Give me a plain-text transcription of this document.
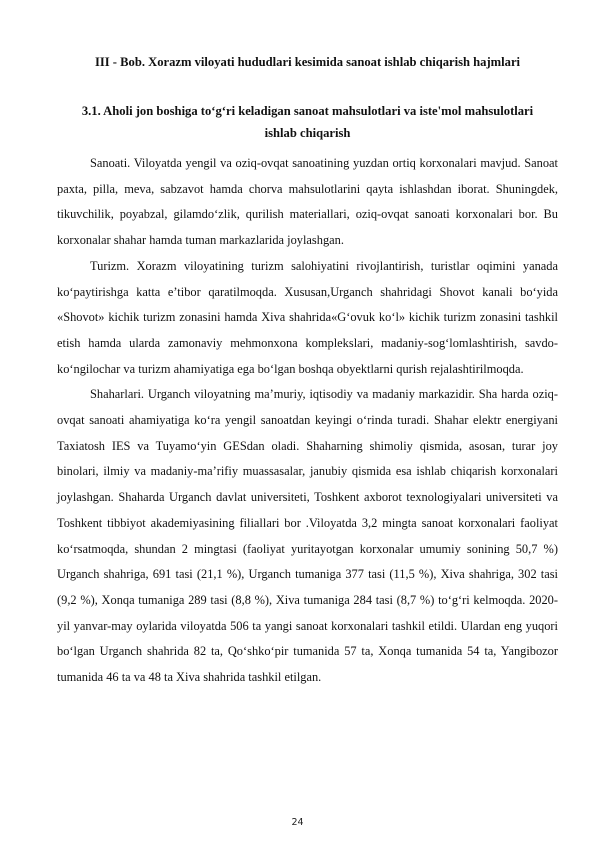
III - Bob. Xorazm viloyati hududlari kesimida sanoat ishlab chiqarish hajmlari
3.1. Aholi jon boshiga to‘g‘ri keladigan sanoat mahsulotlari va iste'mol mahsulotlari ishlab chiqarish

Sanoati. Viloyatda yengil va oziq-ovqat sanoatining yuzdan ortiq korxonalari mavjud. Sanoat paxta, pilla, meva, sabzavot hamda chorva mahsulotlarini qayta ishlashdan iborat. Shuningdek, tikuvchilik, poyabzal, gilamdo‘zlik, qurilish materiallari, oziq-ovqat sanoati korxonalari bor. Bu korxonalar shahar hamda tuman markazlarida joylashgan.

Turizm. Xorazm viloyatining turizm salohiyatini rivojlantirish, turistlar oqimini yanada ko‘paytirishga katta e’tibor qaratilmoqda. Xususan,Urganch shahridagi Shovot kanali bo‘yida «Shovot» kichik turizm zonasini hamda Xiva shahrida«G‘ovuk ko‘l» kichik turizm zonasini tashkil etish hamda ularda zamonaviy mehmonxona komplekslari, madaniy-sog‘lomlashtirish, savdo-ko‘ngilochar va turizm ahamiyatiga ega bo‘lgan boshqa obyektlarni qurish rejalashtirilmoqda.

Shaharlari. Urganch viloyatning ma’muriy, iqtisodiy va madaniy markazidir. Sha harda oziq-ovqat sanoati ahamiyatiga ko‘ra yengil sanoatdan keyingi o‘rinda turadi. Shahar elektr energiyani Taxiatosh IES va Tuyamo‘yin GESdan oladi. Shaharning shimoliy qismida, asosan, turar joy binolari, ilmiy va madaniy-ma’rifiy muassasalar, janubiy qismida esa ishlab chiqarish korxonalari joylashgan. Shaharda Urganch davlat universiteti, Toshkent axborot texnologiyalari universiteti va Toshkent tibbiyot akademiyasining filiallari bor .Viloyatda 3,2 mingta sanoat korxonalari faoliyat ko‘rsatmoqda, shundan 2 mingtasi (faoliyat yuritayotgan korxonalar umumiy sonining 50,7 %) Urganch shahriga, 691 tasi (21,1 %), Urganch tumaniga 377 tasi (11,5 %), Xiva shahriga, 302 tasi (9,2 %), Xonqa tumaniga 289 tasi (8,8 %), Xiva tumaniga 284 tasi (8,7 %) to‘g‘ri kelmoqda. 2020-yil yanvar-may oylarida viloyatda 506 ta yangi sanoat korxonalari tashkil etildi. Ulardan eng yuqori bo‘lgan Urganch shahrida 82 ta, Qo‘shko‘pir tumanida 57 ta, Xonqa tumanida 54 ta, Yangibozor tumanida 46 ta va 48 ta Xiva shahrida tashkil etilgan.

24
